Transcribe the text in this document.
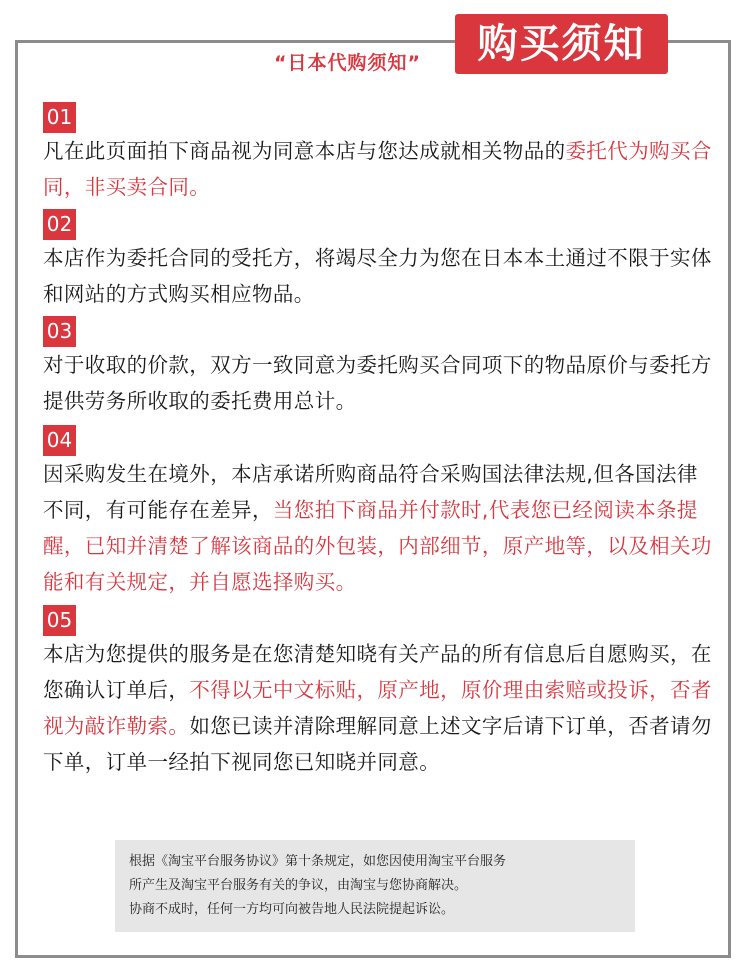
“日本代购须知”	购买须知
01
凡在此页面拍下商品视为同意本店与您达成就相关物品的委托代为购买合同，非买卖合同。
02
本店作为委托合同的受托方，将竭尽全力为您在日本本土通过不限于实体和网站的方式购买相应物品。
03
对于收取的价款，双方一致同意为委托购买合同项下的物品原价与委托方提供劳务所收取的委托费用总计。
04
因采购发生在境外，本店承诺所购商品符合采购国法律法规,但各国法律不同，有可能存在差异，当您拍下商品并付款时,代表您已经阅读本条提醒，已知并清楚了解该商品的外包装，内部细节，原产地等，以及相关功能和有关规定，并自愿选择购买。
05
本店为您提供的服务是在您清楚知晓有关产品的所有信息后自愿购买，在您确认订单后，不得以无中文标贴，原产地，原价理由索赔或投诉，否者视为敲诈勒索。如您已读并清除理解同意上述文字后请下订单，否者请勿下单，订单一经拍下视同您已知晓并同意。
根据《淘宝平台服务协议》第十条规定，如您因使用淘宝平台服务
所产生及淘宝平台服务有关的争议，由淘宝与您协商解决。
协商不成时，任何一方均可向被告地人民法院提起诉讼。
